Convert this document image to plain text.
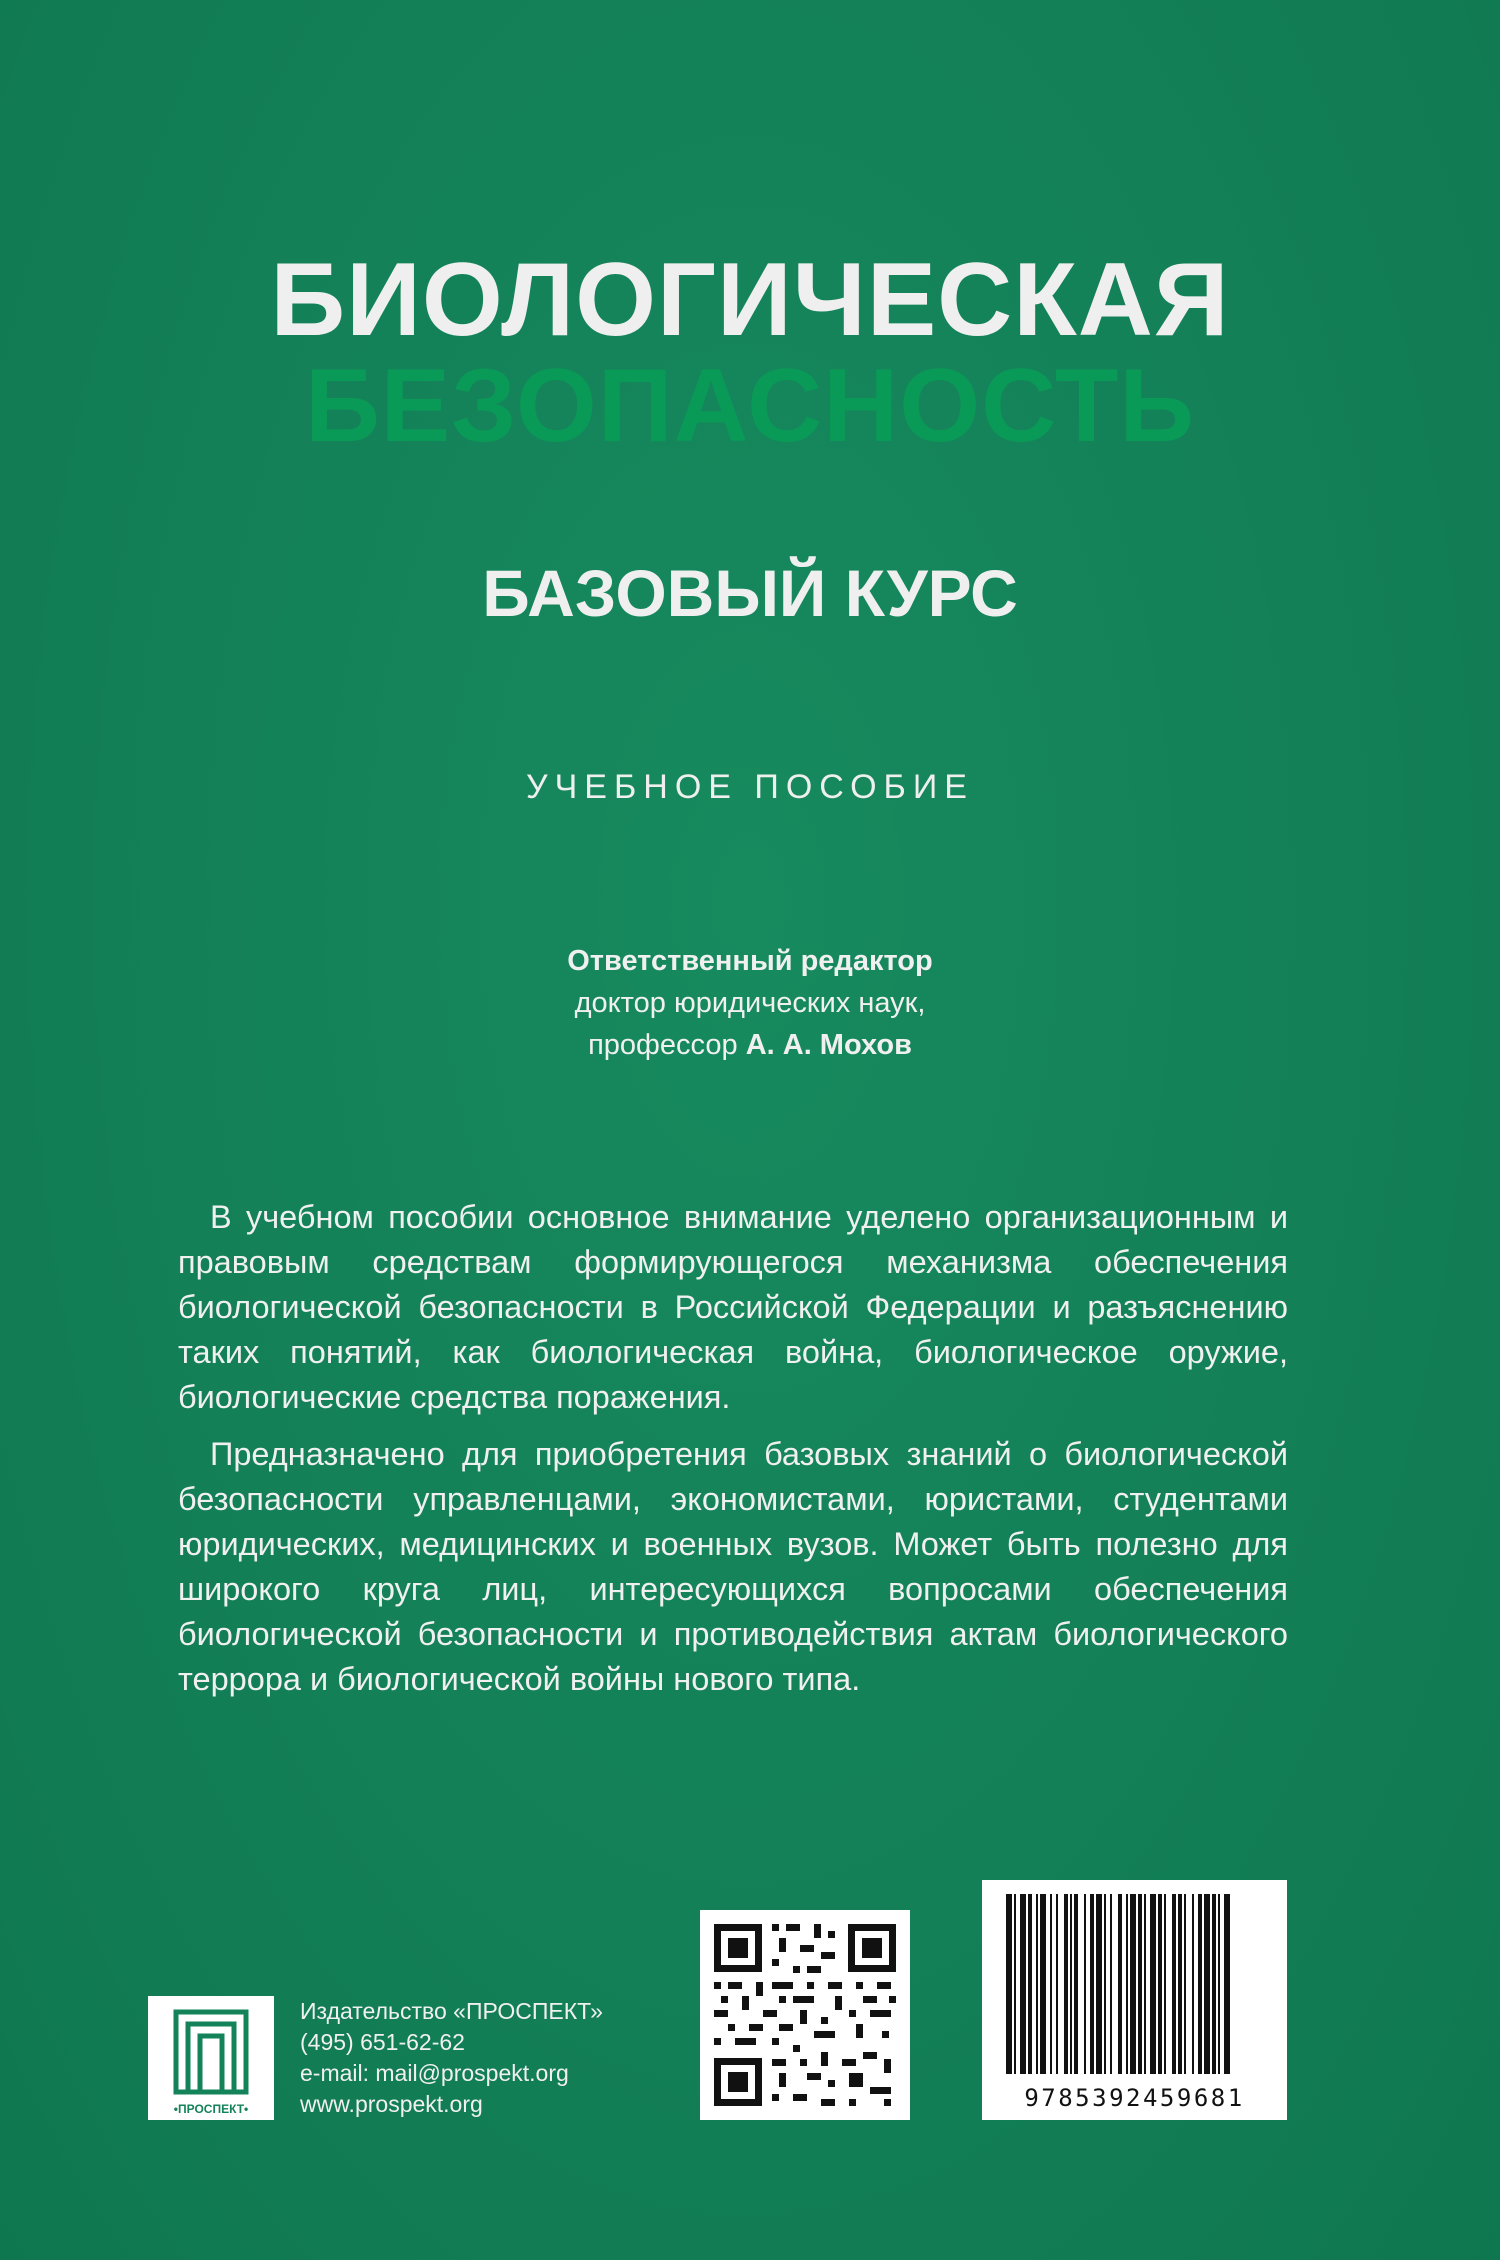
БИОЛОГИЧЕСКАЯ
БЕЗОПАСНОСТЬ
БАЗОВЫЙ КУРС
УЧЕБНОЕ ПОСОБИЕ
Ответственный редактор
доктор юридических наук,
профессор А. А. Мохов

В учебном пособии основное внимание уделено организационным и правовым средствам формирующегося механизма обеспечения биологической безопасности в Российской Федерации и разъяснению таких понятий, как биологическая война, биологическое оружие, биологические средства поражения.

Предназначено для приобретения базовых знаний о биологической безопасности управленцами, экономистами, юристами, студентами юридических, медицинских и военных вузов. Может быть полезно для широкого круга лиц, интересующихся вопросами обеспечения биологической безопасности и противодействия актам биологического террора и биологической войны нового типа.

•ПРОСПЕКТ•
Издательство «ПРОСПЕКТ»
(495) 651-62-62
e-mail: mail@prospekt.org
www.prospekt.org	9785392459681
